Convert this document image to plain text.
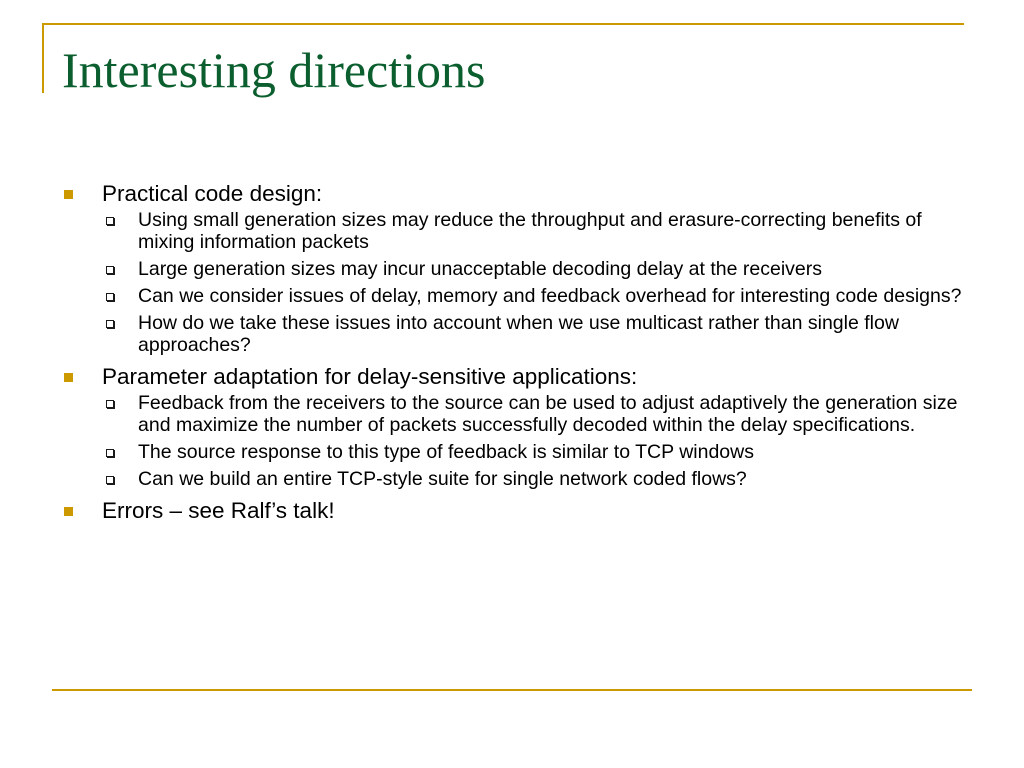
Interesting directions
Practical code design:
Using small generation sizes may reduce the throughput and erasure-correcting benefits of mixing information packets
Large generation sizes may incur unacceptable decoding delay at the receivers
Can we consider issues of delay, memory and feedback overhead for interesting code designs?
How do we take these issues into account when we use multicast rather than single flow approaches?
Parameter adaptation for delay-sensitive applications:
Feedback from the receivers to the source can be used to adjust adaptively the generation size and maximize the number of packets successfully decoded within the delay specifications.
The source response to this type of feedback is similar to TCP windows
Can we build an entire TCP-style suite for single network coded flows?
Errors – see Ralf’s talk!
